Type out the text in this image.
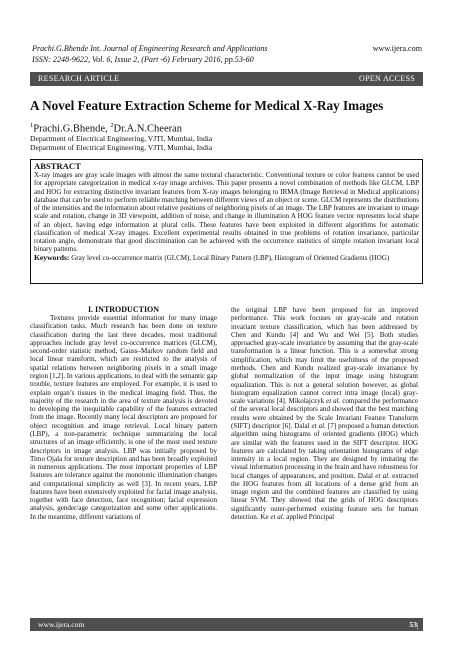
Prachi.G.Bhende Int. Journal of Engineering Research and Applications
ISSN: 2248-9622, Vol. 6, Issue 2, (Part -6) February 2016, pp.53-60
www.ijera.com
RESEARCH ARTICLE	OPEN ACCESS
A Novel Feature Extraction Scheme for Medical X-Ray Images
$^1$Prachi.G.Bhende, $^2$Dr.A.N.Cheeran
Department of Electrical Engineering, VJTI, Mumbai, India
Department of Electrical Engineering, VJTI, Mumbai, India
ABSTRACT

X-ray images are gray scale images with almost the same textural characteristic. Conventional texture or color features cannot be used for appropriate categorization in medical x-ray image archives. This paper presents a novel combination of methods like GLCM, LBP and HOG for extracting distinctive invariant features from X-ray images belonging to IRMA (Image Retrieval in Medical applications) database that can be used to perform reliable matching between different views of an object or scene. GLCM represents the distributions of the intensities and the information about relative positions of neighboring pixels of an image. The LBP features are invariant to image scale and rotation, change in 3D viewpoint, addition of noise, and change in illumination A HOG feature vector represents local shape of an object, having edge information at plural cells. These features have been exploited in different algorithms for automatic classification of medical X-ray images. Excellent experimental results obtained in true problems of rotation invariance, particular rotation angle, demonstrate that good discrimination can be achieved with the occurrence statistics of simple rotation invariant local binary patterns.

Keywords: Gray level co-occurrence matrix (GLCM), Local Binary Pattern (LBP), Histogram of Oriented Gradients (HOG)

I. INTRODUCTION

Textures provide essential information for many image classification tasks. Much research has been done on texture classification during the last three decades, most traditional approaches include gray level co-occurrence matrices (GLCM), second-order statistic method, Gauss–Markov random field and local linear transform, which are restricted to the analysis of spatial relations between neighboring pixels in a small image region [1,2]. In various applications, to deal with the semantic gap trouble, texture features are employed. For example, it is used to explain organ’s tissues in the medical imaging field. Thus, the majority of the research in the area of texture analysis is devoted to developing the inequitable capability of the features extracted from the image. Recently many local descriptors are proposed for object recognition and image retrieval. Local binary pattern (LBP), a non-parametric technique summarizing the local structures of an image efficiently, is one of the most used texture descriptors in image analysis. LBP was initially proposed by Timo Ojala for texture description and has been broadly exploited in numerous applications. The most important properties of LBP features are tolerance against the monotonic illumination changes and computational simplicity as well [3]. In recent years, LBP features have been extensively exploited for facial image analysis, together with face detection, face recognition; facial expression analysis, gender/age categorization and some other applications. In the meantime, different variations of

the original LBP have been proposed for an improved performance. This work focuses on gray-scale and rotation invariant texture classification, which has been addressed by Chen and Kundu [4] and Wu and Wei [5]. Both studies approached gray-scale invariance by assuming that the gray-scale transformation is a linear function. This is a somewhat strong simplification, which may limit the usefulness of the proposed methods. Chen and Kundu realized gray-scale invariance by global normalization of the input image using histogram equalization. This is not a general solution however, as global histogram equalization cannot correct intra image (local) gray-scale variations [4]. Mikolajczyk et al. compared the performance of the several local descriptors and showed that the best matching results were obtained by the Scale Invariant Feature Transform (SIFT) descriptor [6]. Dalal et al. [7] proposed a human detection algorithm using histograms of oriented gradients (HOG) which are similar with the features used in the SIFT descriptor. HOG features are calculated by taking orientation histograms of edge intensity in a local region. They are designed by imitating the visual information processing in the brain and have robustness for local changes of appearances, and position. Dalal et al. extracted the HOG features from all locations of a dense grid from an image region and the combined features are classified by using linear SVM. They showed that the grids of HOG descriptors significantly outer-performed existing feature sets for human detection. Ke et al. applied Principal

www.ijera.com	53 | P a g e
